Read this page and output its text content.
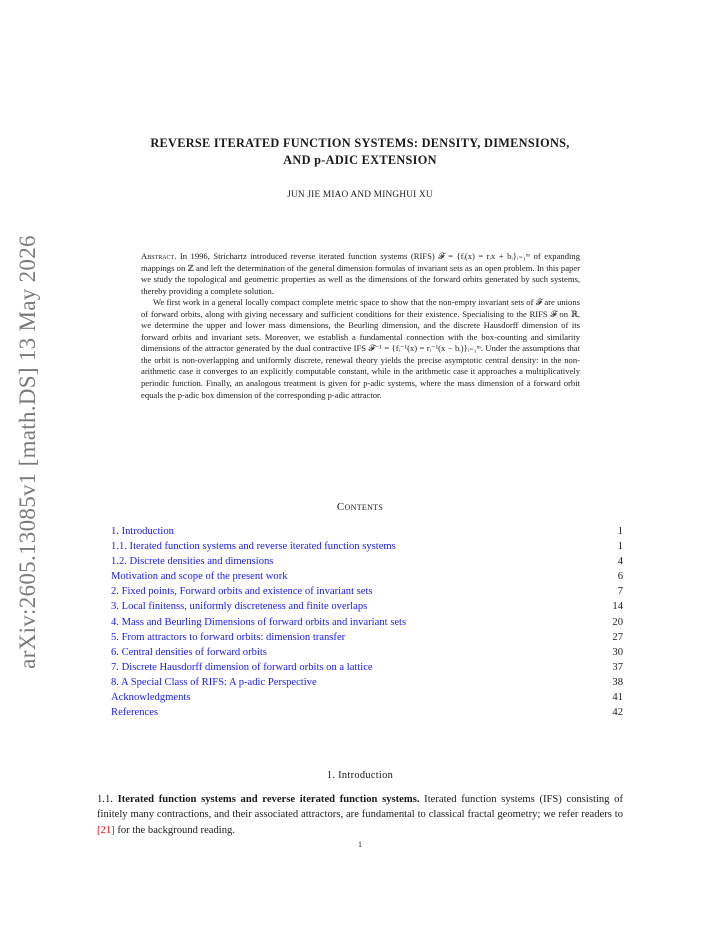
arXiv:2605.13085v1 [math.DS] 13 May 2026
REVERSE ITERATED FUNCTION SYSTEMS: DENSITY, DIMENSIONS,
AND p-ADIC EXTENSION
JUN JIE MIAO AND MINGHUI XU

Abstract. In 1996, Strichartz introduced reverse iterated function systems (RIFS) 𝓕 = {fᵢ(x) = rᵢx + bᵢ}ᵢ₌₁ᵐ of expanding mappings on ℤ and left the determination of the general dimension formulas of invariant sets as an open problem. In this paper we study the topological and geometric properties as well as the dimensions of the forward orbits generated by such systems, thereby providing a complete solution.

We first work in a general locally compact complete metric space to show that the non-empty invariant sets of 𝓕 are unions of forward orbits, along with giving necessary and sufficient conditions for their existence. Specialising to the RIFS 𝓕 on ℝ, we determine the upper and lower mass dimensions, the Beurling dimension, and the discrete Hausdorff dimension of its forward orbits and invariant sets. Moreover, we establish a fundamental connection with the box-counting and similarity dimensions of the attractor generated by the dual contractive IFS 𝓕⁻¹ = {fᵢ⁻¹(x) = rᵢ⁻¹(x − bᵢ)}ᵢ₌₁ᵐ. Under the assumptions that the orbit is non-overlapping and uniformly discrete, renewal theory yields the precise asymptotic central density: in the non-arithmetic case it converges to an explicitly computable constant, while in the arithmetic case it approaches a multiplicatively periodic function. Finally, an analogous treatment is given for p-adic systems, where the mass dimension of a forward orbit equals the p-adic box dimension of the corresponding p-adic attractor.

Contents
1. Introduction	1
1.1. Iterated function systems and reverse iterated function systems	1
1.2. Discrete densities and dimensions	4
Motivation and scope of the present work	6
2. Fixed points, Forward orbits and existence of invariant sets	7
3. Local finitenss, uniformly discreteness and finite overlaps	14
4. Mass and Beurling Dimensions of forward orbits and invariant sets	20
5. From attractors to forward orbits: dimension transfer	27
6. Central densities of forward orbits	30
7. Discrete Hausdorff dimension of forward orbits on a lattice	37
8. A Special Class of RIFS: A p-adic Perspective	38
Acknowledgments	41
References	42
1. Introduction

1.1. Iterated function systems and reverse iterated function systems. Iterated function systems (IFS) consisting of finitely many contractions, and their associated attractors, are fundamental to classical fractal geometry; we refer readers to [21] for the background reading.

1
